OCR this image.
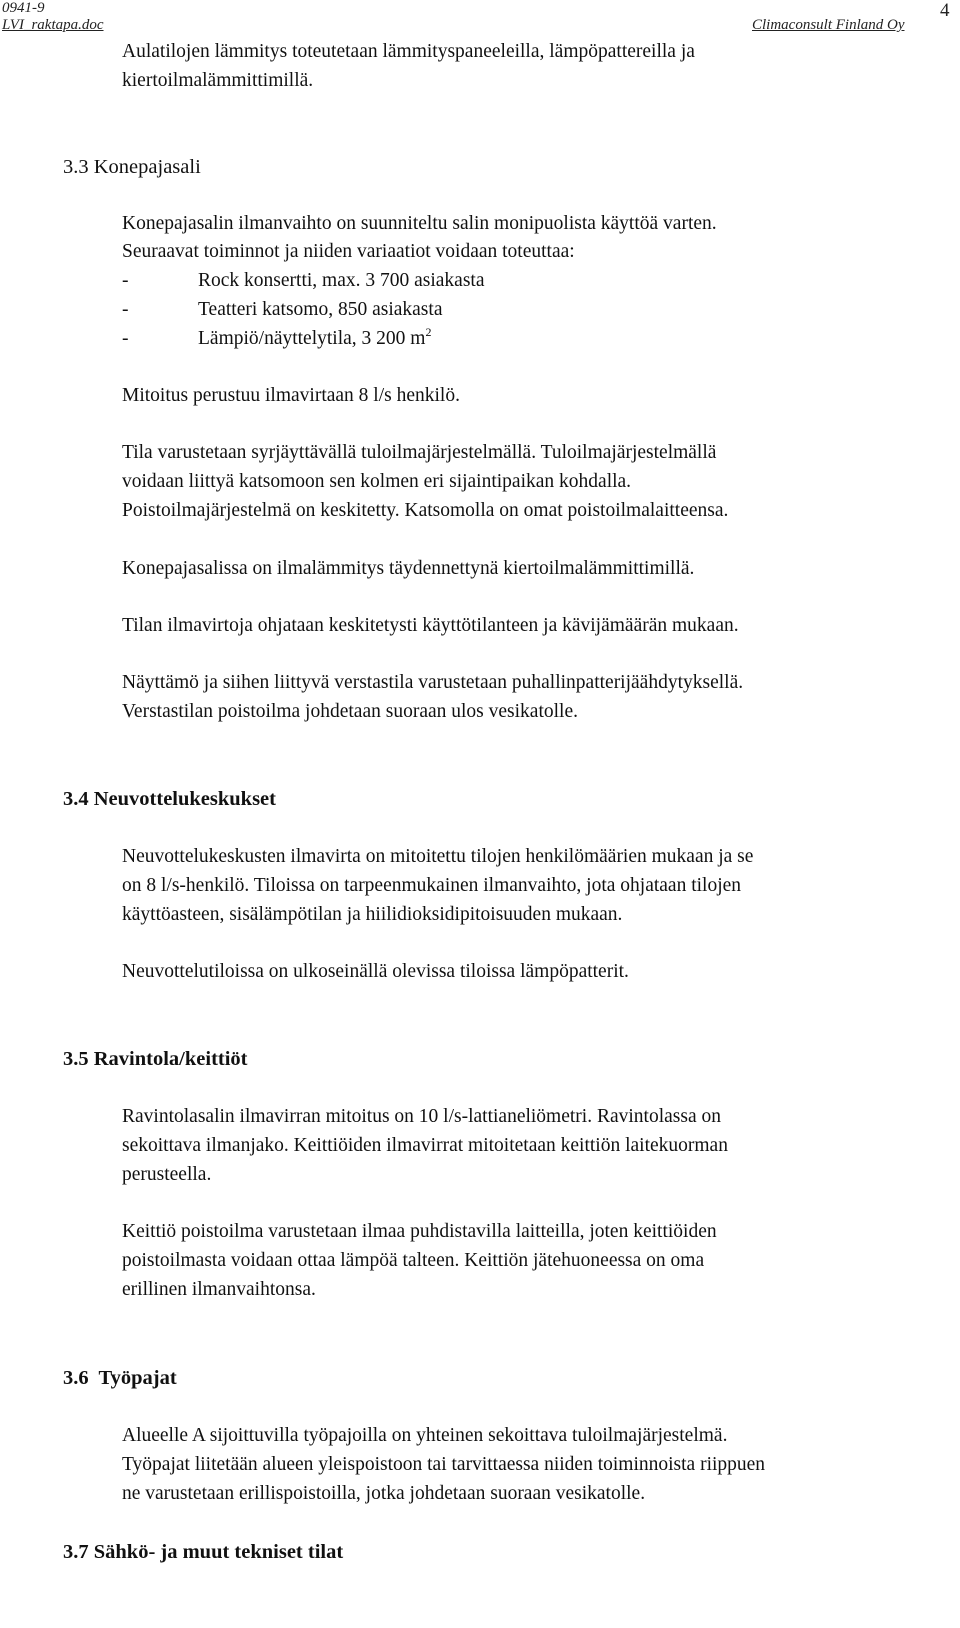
0941-9
LVI_raktapa.doc	Climaconsult Finland Oy
4
Aulatilojen lämmitys toteutetaan lämmityspaneeleilla, lämpöpattereilla ja
kiertoilmalämmittimillä.
3.3 Konepajasali
Konepajasalin ilmanvaihto on suunniteltu salin monipuolista käyttöä varten.
Seuraavat toiminnot ja niiden variaatiot voidaan toteuttaa:
-	Rock konsertti, max. 3 700 asiakasta
-	Teatteri katsomo, 850 asiakasta
-	Lämpiö/näyttelytila, 3 200 $m^2$
Mitoitus perustuu ilmavirtaan 8 l/s henkilö.
Tila varustetaan syrjäyttävällä tuloilmajärjestelmällä. Tuloilmajärjestelmällä
voidaan liittyä katsomoon sen kolmen eri sijaintipaikan kohdalla.
Poistoilmajärjestelmä on keskitetty. Katsomolla on omat poistoilmalaitteensa.
Konepajasalissa on ilmalämmitys täydennettynä kiertoilmalämmittimillä.
Tilan ilmavirtoja ohjataan keskitetysti käyttötilanteen ja kävijämäärän mukaan.
Näyttämö ja siihen liittyvä verstastila varustetaan puhallinpatterijäähdytyksellä.
Verstastilan poistoilma johdetaan suoraan ulos vesikatolle.
3.4 Neuvottelukeskukset
Neuvottelukeskusten ilmavirta on mitoitettu tilojen henkilömäärien mukaan ja se
on 8 l/s-henkilö. Tiloissa on tarpeenmukainen ilmanvaihto, jota ohjataan tilojen
käyttöasteen, sisälämpötilan ja hiilidioksidipitoisuuden mukaan.
Neuvottelutiloissa on ulkoseinällä olevissa tiloissa lämpöpatterit.
3.5 Ravintola/keittiöt
Ravintolasalin ilmavirran mitoitus on 10 l/s-lattianeliömetri. Ravintolassa on
sekoittava ilmanjako. Keittiöiden ilmavirrat mitoitetaan keittiön laitekuorman
perusteella.
Keittiö poistoilma varustetaan ilmaa puhdistavilla laitteilla, joten keittiöiden
poistoilmasta voidaan ottaa lämpöä talteen. Keittiön jätehuoneessa on oma
erillinen ilmanvaihtonsa.
3.6  Työpajat
Alueelle A sijoittuvilla työpajoilla on yhteinen sekoittava tuloilmajärjestelmä.
Työpajat liitetään alueen yleispoistoon tai tarvittaessa niiden toiminnoista riippuen
ne varustetaan erillispoistoilla, jotka johdetaan suoraan vesikatolle.
3.7 Sähkö- ja muut tekniset tilat
